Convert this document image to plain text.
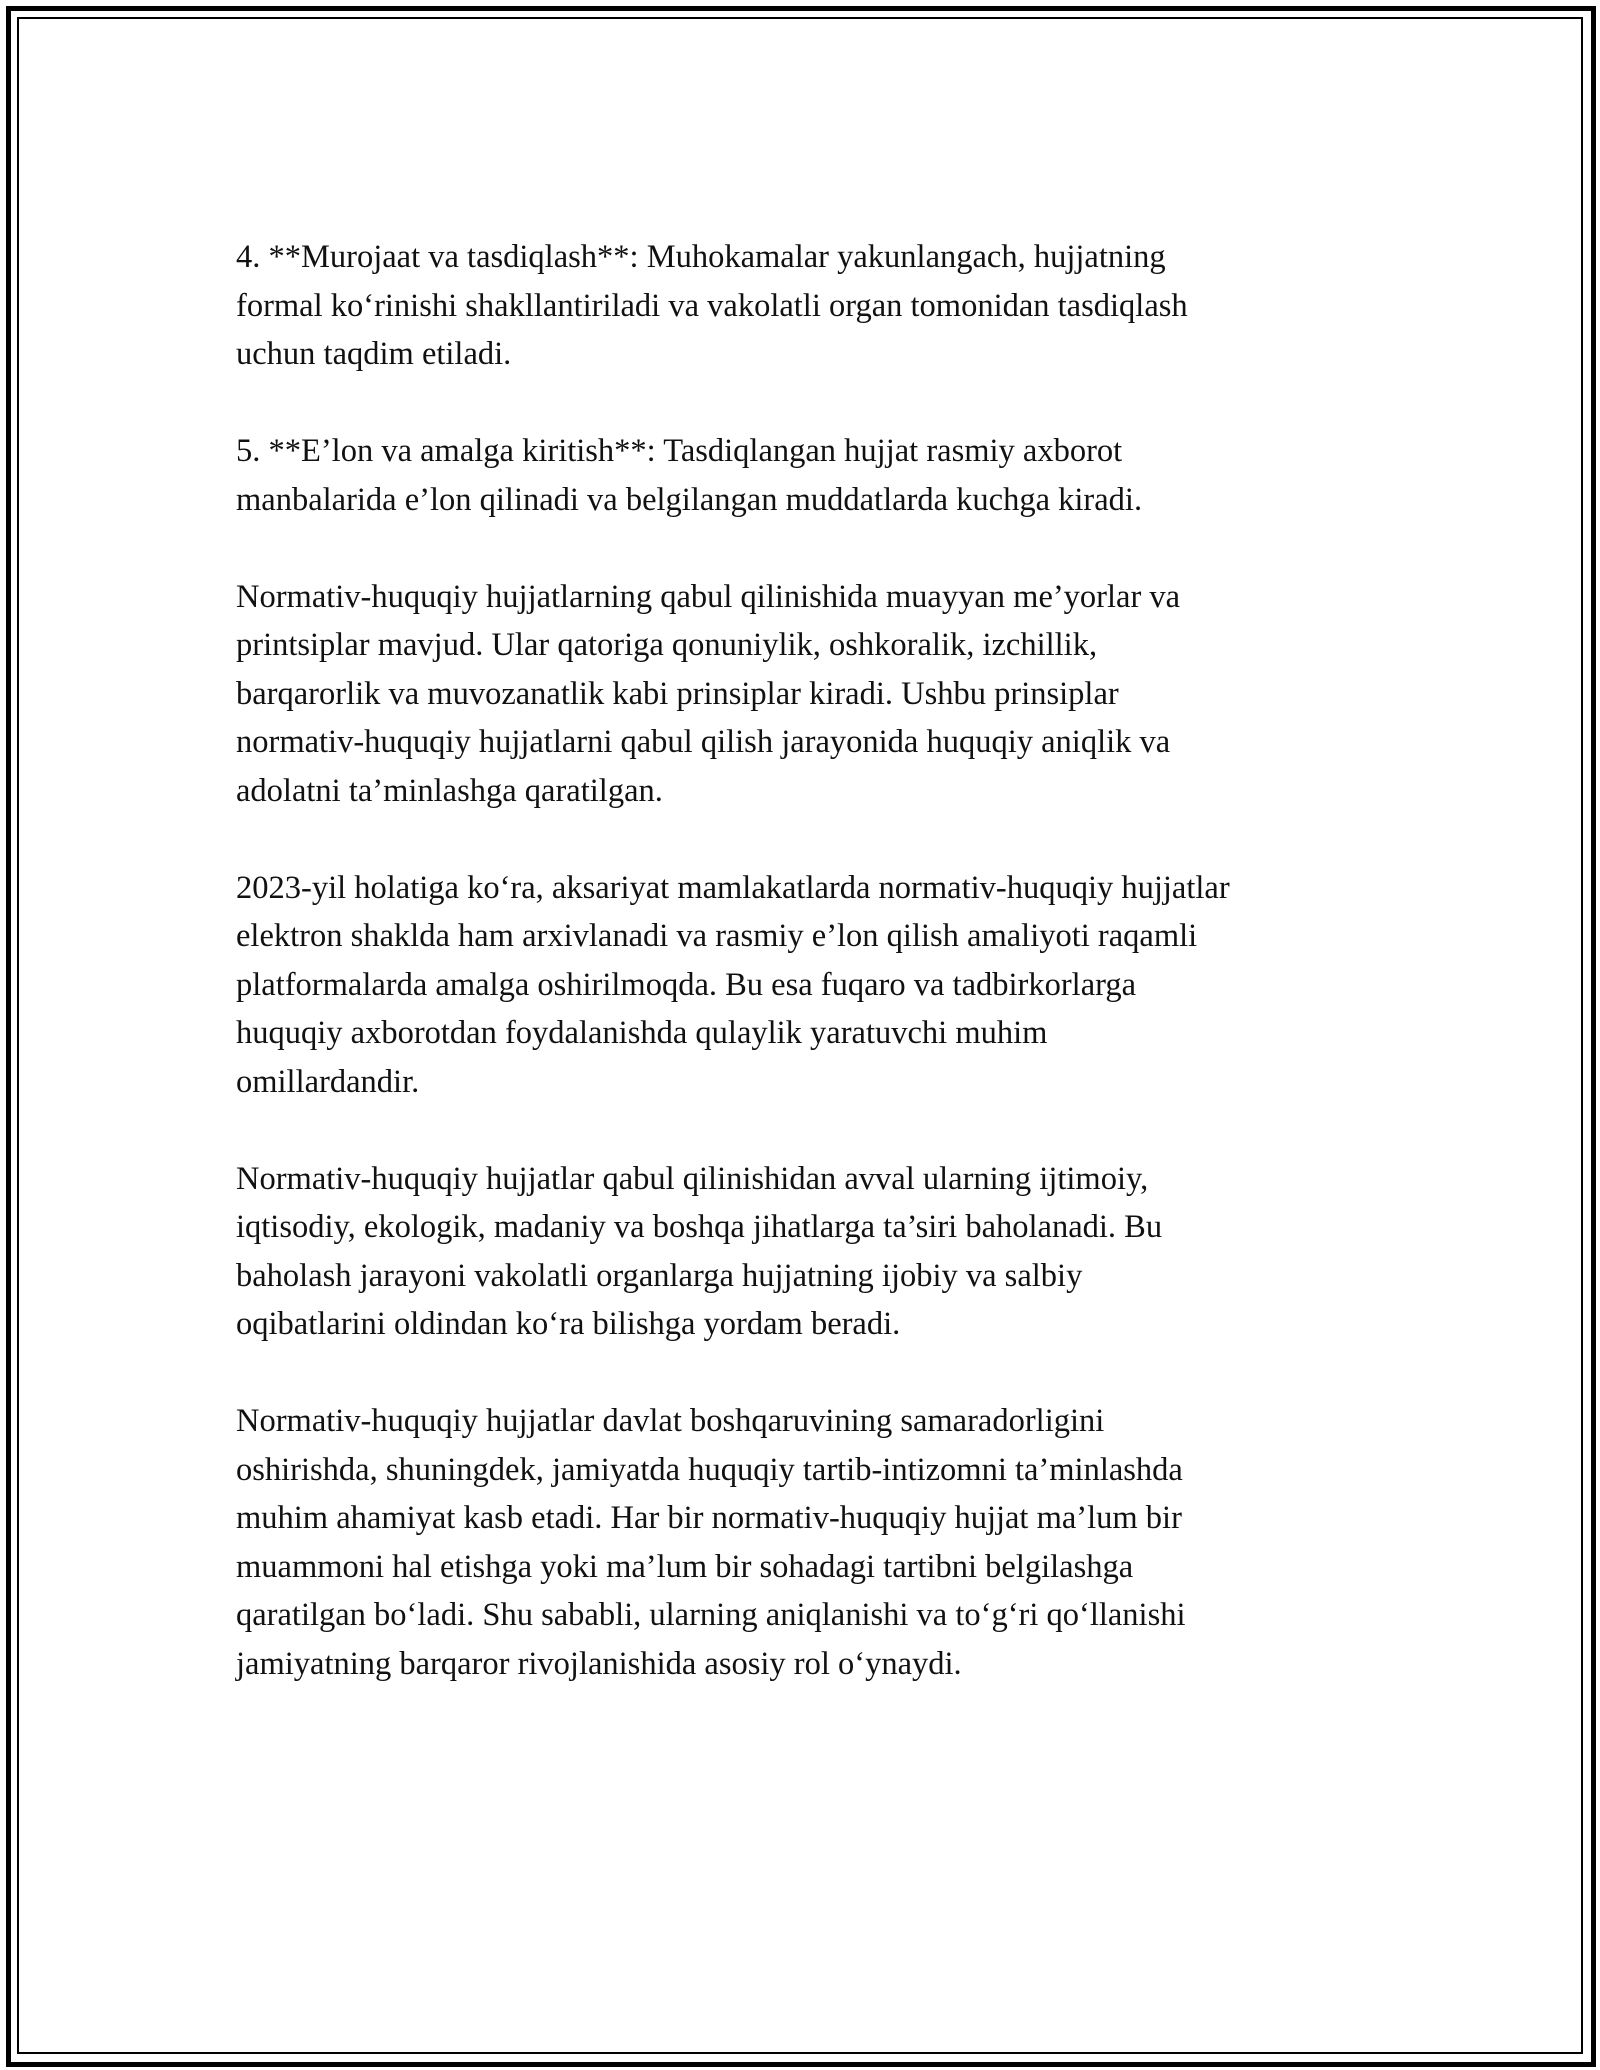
4. **Murojaat va tasdiqlash**: Muhokamalar yakunlangach, hujjatning
formal ko‘rinishi shakllantiriladi va vakolatli organ tomonidan tasdiqlash
uchun taqdim etiladi.

5. **E’lon va amalga kiritish**: Tasdiqlangan hujjat rasmiy axborot
manbalarida e’lon qilinadi va belgilangan muddatlarda kuchga kiradi.

Normativ-huquqiy hujjatlarning qabul qilinishida muayyan me’yorlar va
printsiplar mavjud. Ular qatoriga qonuniylik, oshkoralik, izchillik,
barqarorlik va muvozanatlik kabi prinsiplar kiradi. Ushbu prinsiplar
normativ-huquqiy hujjatlarni qabul qilish jarayonida huquqiy aniqlik va
adolatni ta’minlashga qaratilgan.

2023-yil holatiga ko‘ra, aksariyat mamlakatlarda normativ-huquqiy hujjatlar
elektron shaklda ham arxivlanadi va rasmiy e’lon qilish amaliyoti raqamli
platformalarda amalga oshirilmoqda. Bu esa fuqaro va tadbirkorlarga
huquqiy axborotdan foydalanishda qulaylik yaratuvchi muhim
omillardandir.

Normativ-huquqiy hujjatlar qabul qilinishidan avval ularning ijtimoiy,
iqtisodiy, ekologik, madaniy va boshqa jihatlarga ta’siri baholanadi. Bu
baholash jarayoni vakolatli organlarga hujjatning ijobiy va salbiy
oqibatlarini oldindan ko‘ra bilishga yordam beradi.

Normativ-huquqiy hujjatlar davlat boshqaruvining samaradorligini
oshirishda, shuningdek, jamiyatda huquqiy tartib-intizomni ta’minlashda
muhim ahamiyat kasb etadi. Har bir normativ-huquqiy hujjat ma’lum bir
muammoni hal etishga yoki ma’lum bir sohadagi tartibni belgilashga
qaratilgan bo‘ladi. Shu sababli, ularning aniqlanishi va to‘g‘ri qo‘llanishi
jamiyatning barqaror rivojlanishida asosiy rol o‘ynaydi.
